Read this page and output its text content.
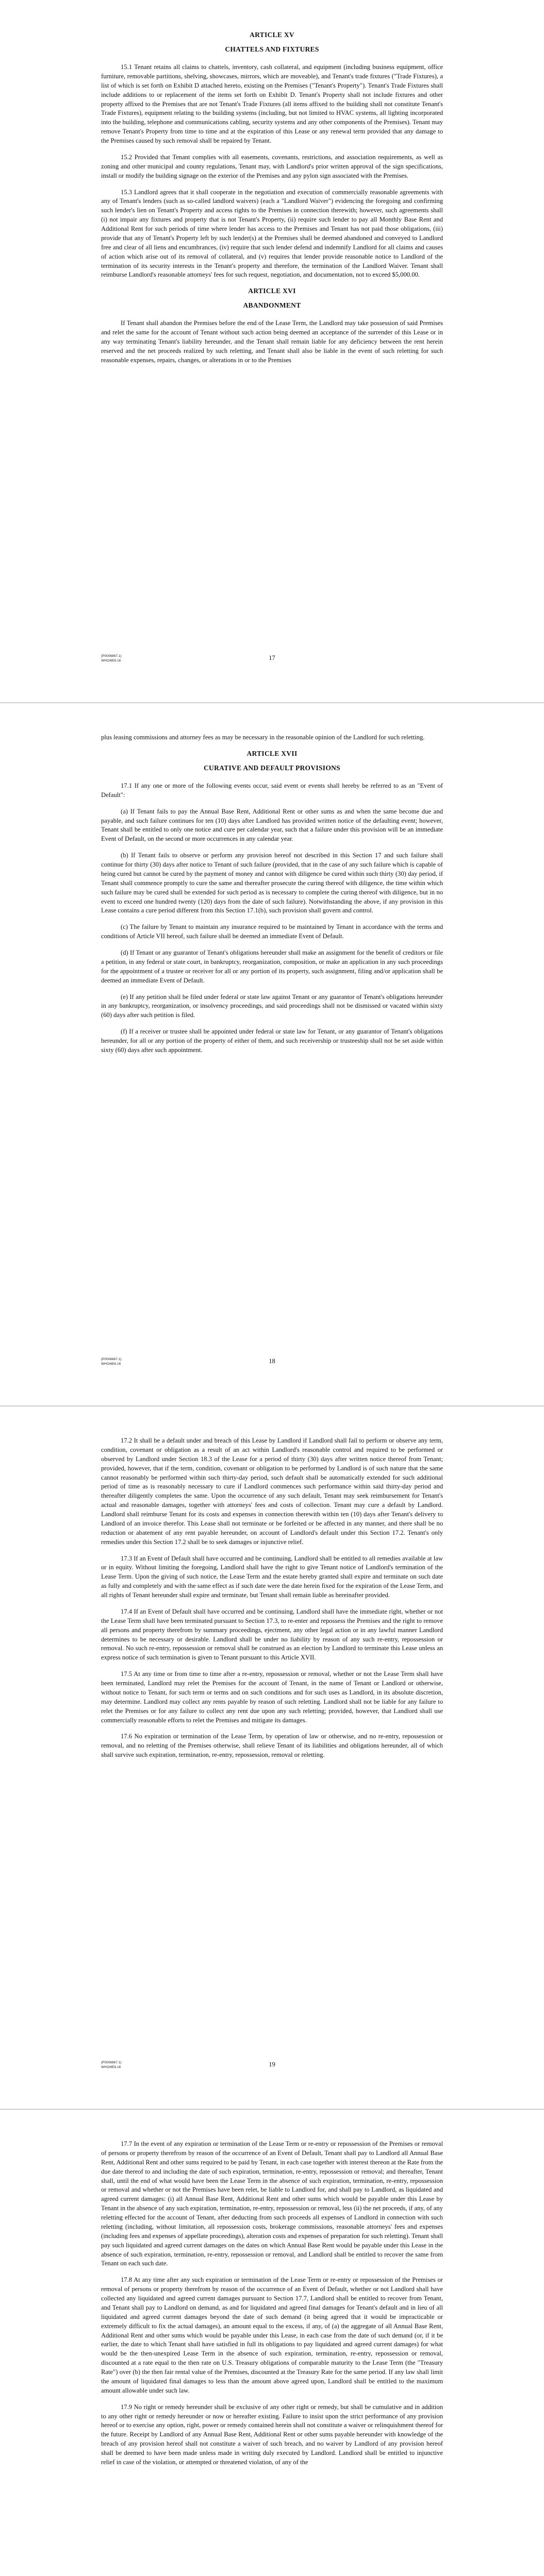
ARTICLE XV
CHATTELS AND FIXTURES

15.1 Tenant retains all claims to chattels, inventory, cash collateral, and equipment (including business equipment, office furniture, removable partitions, shelving, showcases, mirrors, which are moveable), and Tenant's trade fixtures ("Trade Fixtures), a list of which is set forth on Exhibit D attached hereto, existing on the Premises ("Tenant's Property"). Tenant's Trade Fixtures shall include additions to or replacement of the items set forth on Exhibit D. Tenant's Property shall not include fixtures and other property affixed to the Premises that are not Tenant's Trade Fixtures (all items affixed to the building shall not constitute Tenant's Trade Fixtures), equipment relating to the building systems (including, but not limited to HVAC systems, all lighting incorporated into the building, telephone and communications cabling, security systems and any other components of the Premises). Tenant may remove Tenant's Property from time to time and at the expiration of this Lease or any renewal term provided that any damage to the Premises caused by such removal shall be repaired by Tenant.

15.2 Provided that Tenant complies with all easements, covenants, restrictions, and association requirements, as well as zoning and other municipal and county regulations, Tenant may, with Landlord's prior written approval of the sign specifications, install or modify the building signage on the exterior of the Premises and any pylon sign associated with the Premises.

15.3 Landlord agrees that it shall cooperate in the negotiation and execution of commercially reasonable agreements with any of Tenant's lenders (such as so-called landlord waivers) (each a "Landlord Waiver") evidencing the foregoing and confirming such lender's lien on Tenant's Property and access rights to the Premises in connection therewith; however, such agreements shall (i) not impair any fixtures and property that is not Tenant's Property, (ii) require such lender to pay all Monthly Base Rent and Additional Rent for such periods of time where lender has access to the Premises and Tenant has not paid those obligations, (iii) provide that any of Tenant's Property left by such lender(s) at the Premises shall be deemed abandoned and conveyed to Landlord free and clear of all liens and encumbrances, (iv) require that such lender defend and indemnify Landlord for all claims and causes of action which arise out of its removal of collateral, and (v) requires that lender provide reasonable notice to Landlord of the termination of its security interests in the Tenant's property and therefore, the termination of the Landlord Waiver. Tenant shall reimburse Landlord's reasonable attorneys' fees for such request, negotiation, and documentation, not to exceed $5,000.00.

ARTICLE XVI
ABANDONMENT

If Tenant shall abandon the Premises before the end of the Lease Term, the Landlord may take possession of said Premises and relet the same for the account of Tenant without such action being deemed an acceptance of the surrender of this Lease or in any way terminating Tenant's liability hereunder, and the Tenant shall remain liable for any deficiency between the rent herein reserved and the net proceeds realized by such reletting, and Tenant shall also be liable in the event of such reletting for such reasonable expenses, repairs, changes, or alterations in or to the Premises

{P0006867.1}
WHO/6E6.16	17

plus leasing commissions and attorney fees as may be necessary in the reasonable opinion of the Landlord for such reletting.

ARTICLE XVII
CURATIVE AND DEFAULT PROVISIONS

17.1 If any one or more of the following events occur, said event or events shall hereby be referred to as an "Event of Default":

(a) If Tenant fails to pay the Annual Base Rent, Additional Rent or other sums as and when the same become due and payable, and such failure continues for ten (10) days after Landlord has provided written notice of the defaulting event; however, Tenant shall be entitled to only one notice and cure per calendar year, such that a failure under this provision will be an immediate Event of Default, on the second or more occurrences in any calendar year.

(b) If Tenant fails to observe or perform any provision hereof not described in this Section 17 and such failure shall continue for thirty (30) days after notice to Tenant of such failure (provided, that in the case of any such failure which is capable of being cured but cannot be cured by the payment of money and cannot with diligence be cured within such thirty (30) day period, if Tenant shall commence promptly to cure the same and thereafter prosecute the curing thereof with diligence, the time within which such failure may be cured shall be extended for such period as is necessary to complete the curing thereof with diligence, but in no event to exceed one hundred twenty (120) days from the date of such failure). Notwithstanding the above, if any provision in this Lease contains a cure period different from this Section 17.1(b), such provision shall govern and control.

(c) The failure by Tenant to maintain any insurance required to be maintained by Tenant in accordance with the terms and conditions of Article VII hereof, such failure shall be deemed an immediate Event of Default.

(d) If Tenant or any guarantor of Tenant's obligations hereunder shall make an assignment for the benefit of creditors or file a petition, in any federal or state court, in bankruptcy, reorganization, composition, or make an application in any such proceedings for the appointment of a trustee or receiver for all or any portion of its property, such assignment, filing and/or application shall be deemed an immediate Event of Default.

(e) If any petition shall be filed under federal or state law against Tenant or any guarantor of Tenant's obligations hereunder in any bankruptcy, reorganization, or insolvency proceedings, and said proceedings shall not be dismissed or vacated within sixty (60) days after such petition is filed.

(f) If a receiver or trustee shall be appointed under federal or state law for Tenant, or any guarantor of Tenant's obligations hereunder, for all or any portion of the property of either of them, and such receivership or trusteeship shall not be set aside within sixty (60) days after such appointment.

{P0006867.1}
WHO/6E6.16	18

17.2 It shall be a default under and breach of this Lease by Landlord if Landlord shall fail to perform or observe any term, condition, covenant or obligation as a result of an act within Landlord's reasonable control and required to be performed or observed by Landlord under Section 18.3 of the Lease for a period of thirty (30) days after written notice thereof from Tenant; provided, however, that if the term, condition, covenant or obligation to be performed by Landlord is of such nature that the same cannot reasonably be performed within such thirty-day period, such default shall be automatically extended for such additional period of time as is reasonably necessary to cure if Landlord commences such performance within said thirty-day period and thereafter diligently completes the same. Upon the occurrence of any such default, Tenant may seek reimbursement for Tenant's actual and reasonable damages, together with attorneys' fees and costs of collection. Tenant may cure a default by Landlord. Landlord shall reimburse Tenant for its costs and expenses in connection therewith within ten (10) days after Tenant's delivery to Landlord of an invoice therefor. This Lease shall not terminate or be forfeited or be affected in any manner, and there shall be no reduction or abatement of any rent payable hereunder, on account of Landlord's default under this Section 17.2. Tenant's only remedies under this Section 17.2 shall be to seek damages or injunctive relief.

17.3 If an Event of Default shall have occurred and be continuing, Landlord shall be entitled to all remedies available at law or in equity. Without limiting the foregoing, Landlord shall have the right to give Tenant notice of Landlord's termination of the Lease Term. Upon the giving of such notice, the Lease Term and the estate hereby granted shall expire and terminate on such date as fully and completely and with the same effect as if such date were the date herein fixed for the expiration of the Lease Term, and all rights of Tenant hereunder shall expire and terminate, but Tenant shall remain liable as hereinafter provided.

17.4 If an Event of Default shall have occurred and be continuing, Landlord shall have the immediate right, whether or not the Lease Term shall have been terminated pursuant to Section 17.3, to re-enter and repossess the Premises and the right to remove all persons and property therefrom by summary proceedings, ejectment, any other legal action or in any lawful manner Landlord determines to be necessary or desirable. Landlord shall be under no liability by reason of any such re-entry, repossession or removal. No such re-entry, repossession or removal shall be construed as an election by Landlord to terminate this Lease unless an express notice of such termination is given to Tenant pursuant to this Article XVII.

17.5 At any time or from time to time after a re-entry, repossession or removal, whether or not the Lease Term shall have been terminated, Landlord may relet the Premises for the account of Tenant, in the name of Tenant or Landlord or otherwise, without notice to Tenant, for such term or terms and on such conditions and for such uses as Landlord, in its absolute discretion, may determine. Landlord may collect any rents payable by reason of such reletting. Landlord shall not be liable for any failure to relet the Premises or for any failure to collect any rent due upon any such reletting; provided, however, that Landlord shall use commercially reasonable efforts to relet the Premises and mitigate its damages.

17.6 No expiration or termination of the Lease Term, by operation of law or otherwise, and no re-entry, repossession or removal, and no reletting of the Premises otherwise, shall relieve Tenant of its liabilities and obligations hereunder, all of which shall survive such expiration, termination, re-entry, repossession, removal or reletting.

{P0006867.1}
WHO/6E6.16	19

17.7 In the event of any expiration or termination of the Lease Term or re-entry or repossession of the Premises or removal of persons or property therefrom by reason of the occurrence of an Event of Default, Tenant shall pay to Landlord all Annual Base Rent, Additional Rent and other sums required to be paid by Tenant, in each case together with interest thereon at the Rate from the due date thereof to and including the date of such expiration, termination, re-entry, repossession or removal; and thereafter, Tenant shall, until the end of what would have been the Lease Term in the absence of such expiration, termination, re-entry, repossession or removal and whether or not the Premises have been relet, be liable to Landlord for, and shall pay to Landlord, as liquidated and agreed current damages: (i) all Annual Base Rent, Additional Rent and other sums which would be payable under this Lease by Tenant in the absence of any such expiration, termination, re-entry, repossession or removal, less (ii) the net proceeds, if any, of any reletting effected for the account of Tenant, after deducting from such proceeds all expenses of Landlord in connection with such reletting (including, without limitation, all repossession costs, brokerage commissions, reasonable attorneys' fees and expenses (including fees and expenses of appellate proceedings), alteration costs and expenses of preparation for such reletting). Tenant shall pay such liquidated and agreed current damages on the dates on which Annual Base Rent would be payable under this Lease in the absence of such expiration, termination, re-entry, repossession or removal, and Landlord shall be entitled to recover the same from Tenant on each such date.

17.8 At any time after any such expiration or termination of the Lease Term or re-entry or repossession of the Premises or removal of persons or property therefrom by reason of the occurrence of an Event of Default, whether or not Landlord shall have collected any liquidated and agreed current damages pursuant to Section 17.7, Landlord shall be entitled to recover from Tenant, and Tenant shall pay to Landlord on demand, as and for liquidated and agreed final damages for Tenant's default and in lieu of all liquidated and agreed current damages beyond the date of such demand (it being agreed that it would be impracticable or extremely difficult to fix the actual damages), an amount equal to the excess, if any, of (a) the aggregate of all Annual Base Rent, Additional Rent and other sums which would be payable under this Lease, in each case from the date of such demand (or, if it be earlier, the date to which Tenant shall have satisfied in full its obligations to pay liquidated and agreed current damages) for what would be the then-unexpired Lease Term in the absence of such expiration, termination, re-entry, repossession or removal, discounted at a rate equal to the then rate on U.S. Treasury obligations of comparable maturity to the Lease Term (the "Treasury Rate") over (b) the then fair rental value of the Premises, discounted at the Treasury Rate for the same period. If any law shall limit the amount of liquidated final damages to less than the amount above agreed upon, Landlord shall be entitled to the maximum amount allowable under such law.

17.9 No right or remedy hereunder shall be exclusive of any other right or remedy, but shall be cumulative and in addition to any other right or remedy hereunder or now or hereafter existing. Failure to insist upon the strict performance of any provision hereof or to exercise any option, right, power or remedy contained herein shall not constitute a waiver or relinquishment thereof for the future. Receipt by Landlord of any Annual Base Rent, Additional Rent or other sums payable hereunder with knowledge of the breach of any provision hereof shall not constitute a waiver of such breach, and no waiver by Landlord of any provision hereof shall be deemed to have been made unless made in writing duly executed by Landlord. Landlord shall be entitled to injunctive relief in case of the violation, or attempted or threatened violation, of any of the
